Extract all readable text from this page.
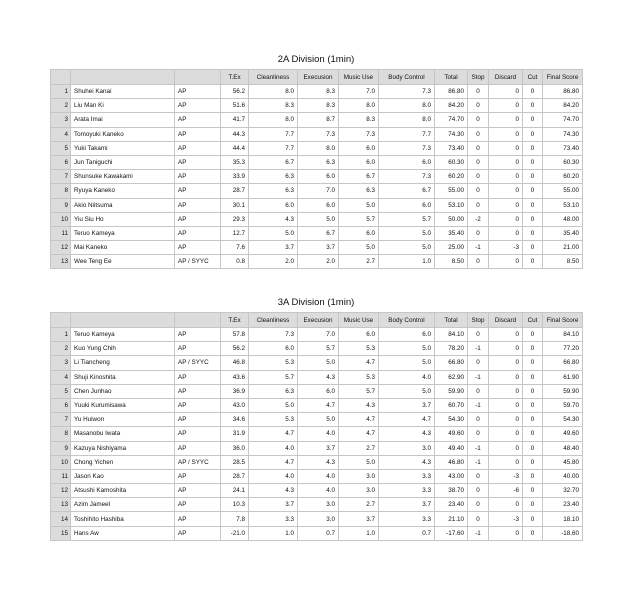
2A Division (1min)
			T.Ex	Cleanliness	Execusion	Music Use	Body Control	Total	Stop	Discard	Cut	Final Score
1	Shuhei Kanai	AP	56.2	8.0	8.3	7.0	7.3	86.80	0	0	0	86.80
2	Liu Man Ki	AP	51.6	8.3	8.3	8.0	8.0	84.20	0	0	0	84.20
3	Arata Imai	AP	41.7	8.0	8.7	8.3	8.0	74.70	0	0	0	74.70
4	Tomoyuki Kaneko	AP	44.3	7.7	7.3	7.3	7.7	74.30	0	0	0	74.30
5	Yuki Takami	AP	44.4	7.7	8.0	6.0	7.3	73.40	0	0	0	73.40
6	Jun Taniguchi	AP	35.3	6.7	6.3	6.0	6.0	60.30	0	0	0	60.30
7	Shunsuke Kawakami	AP	33.9	6.3	6.0	6.7	7.3	60.20	0	0	0	60.20
8	Ryuya Kaneko	AP	28.7	6.3	7.0	6.3	6.7	55.00	0	0	0	55.00
9	Akio Niitsuma	AP	30.1	6.0	6.0	5.0	6.0	53.10	0	0	0	53.10
10	Yiu Siu Ho	AP	29.3	4.3	5.0	5.7	5.7	50.00	-2	0	0	48.00
11	Teruo Kameya	AP	12.7	5.0	6.7	6.0	5.0	35.40	0	0	0	35.40
12	Mai Kaneko	AP	7.6	3.7	3.7	5.0	5.0	25.00	-1	-3	0	21.00
13	Wee Teng Ee	AP / SYYC	0.8	2.0	2.0	2.7	1.0	8.50	0	0	0	8.50
3A Division (1min)
			T.Ex	Cleanliness	Execusion	Music Use	Body Control	Total	Stop	Discard	Cut	Final Score
1	Teruo Kameya	AP	57.8	7.3	7.0	6.0	6.0	84.10	0	0	0	84.10
2	Kuo Yung Chih	AP	56.2	6.0	5.7	5.3	5.0	78.20	-1	0	0	77.20
3	Li Tiancheng	AP / SYYC	46.8	5.3	5.0	4.7	5.0	66.80	0	0	0	66.80
4	Shuji Kinoshita	AP	43.6	5.7	4.3	5.3	4.0	62.90	-1	0	0	61.90
5	Chen Junhao	AP	36.9	6.3	6.0	5.7	5.0	59.90	0	0	0	59.90
6	Yuuki Kurumisawa	AP	43.0	5.0	4.7	4.3	3.7	60.70	-1	0	0	59.70
7	Yu Huiwon	AP	34.6	5.3	5.0	4.7	4.7	54.30	0	0	0	54.30
8	Masanobu Iwata	AP	31.9	4.7	4.0	4.7	4.3	49.60	0	0	0	49.60
9	Kazuya Nishiyama	AP	36.0	4.0	3.7	2.7	3.0	49.40	-1	0	0	48.40
10	Chong Yichen	AP / SYYC	28.5	4.7	4.3	5.0	4.3	46.80	-1	0	0	45.80
11	Jason Kao	AP	28.7	4.0	4.0	3.0	3.3	43.00	0	-3	0	40.00
12	Atsushi Kamoshita	AP	24.1	4.3	4.0	3.0	3.3	38.70	0	-6	0	32.70
13	Azim Jameel	AP	10.3	3.7	3.0	2.7	3.7	23.40	0	0	0	23.40
14	Toshihito Hashiba	AP	7.8	3.3	3.0	3.7	3.3	21.10	0	-3	0	18.10
15	Hans Aw	AP	-21.0	1.0	0.7	1.0	0.7	-17.60	-1	0	0	-18.60
